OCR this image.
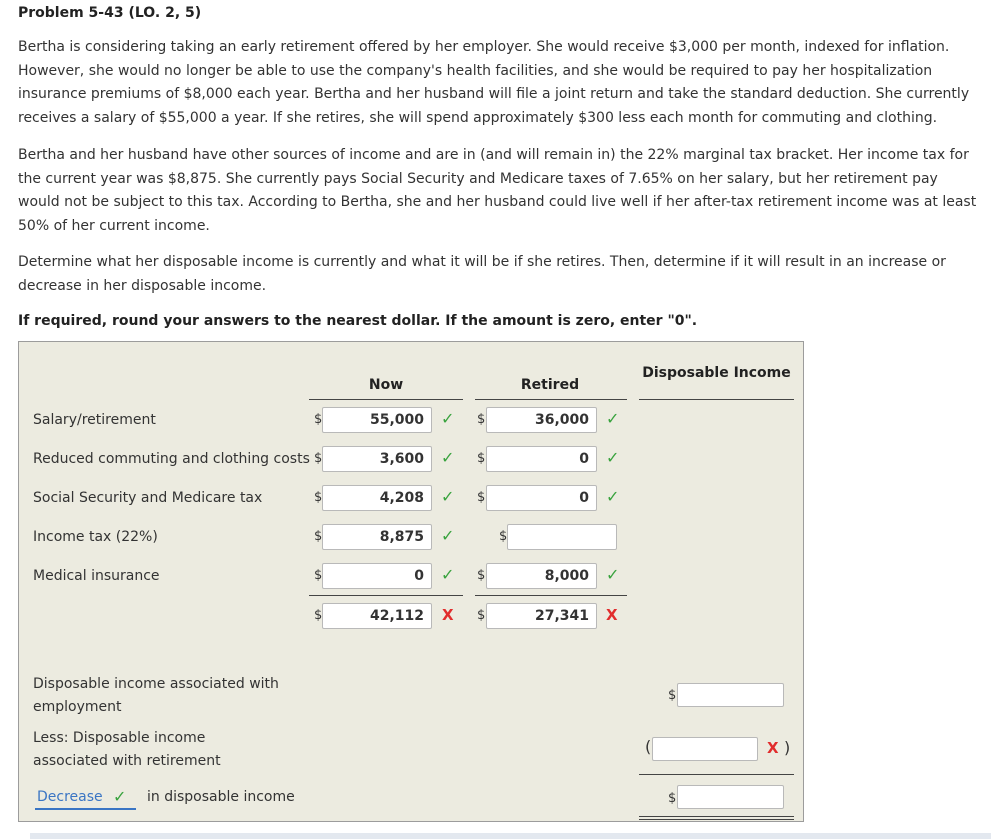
Problem 5-43 (LO. 2, 5)
Bertha is considering taking an early retirement offered by her employer. She would receive $3,000 per month, indexed for inflation. However, she would no longer be able to use the company's health facilities, and she would be required to pay her hospitalization insurance premiums of $8,000 each year. Bertha and her husband will file a joint return and take the standard deduction. She currently receives a salary of $55,000 a year. If she retires, she will spend approximately $300 less each month for commuting and clothing.
Bertha and her husband have other sources of income and are in (and will remain in) the 22% marginal tax bracket. Her income tax for the current year was $8,875. She currently pays Social Security and Medicare taxes of 7.65% on her salary, but her retirement pay would not be subject to this tax. According to Bertha, she and her husband could live well if her after-tax retirement income was at least 50% of her current income.
Determine what her disposable income is currently and what it will be if she retires. Then, determine if it will result in an increase or decrease in her disposable income.
If required, round your answers to the nearest dollar. If the amount is zero, enter "0".
Now	Retired
Disposable Income
Salary/retirement	$	55,000	✓ $	36,000	✓
Reduced commuting and clothing costs $	3,600	✓ $	0	✓
Social Security and Medicare tax	$	4,208	✓ $	0	✓
Income tax (22%)	$	8,875	✓	$
Medical insurance	$	0	✓ $	8,000	✓
$	42,112	X $	27,341	X
Disposable income associated with employment
$
Less: Disposable income associated with retirement
(	X )
Decrease ✓ in disposable income	$
